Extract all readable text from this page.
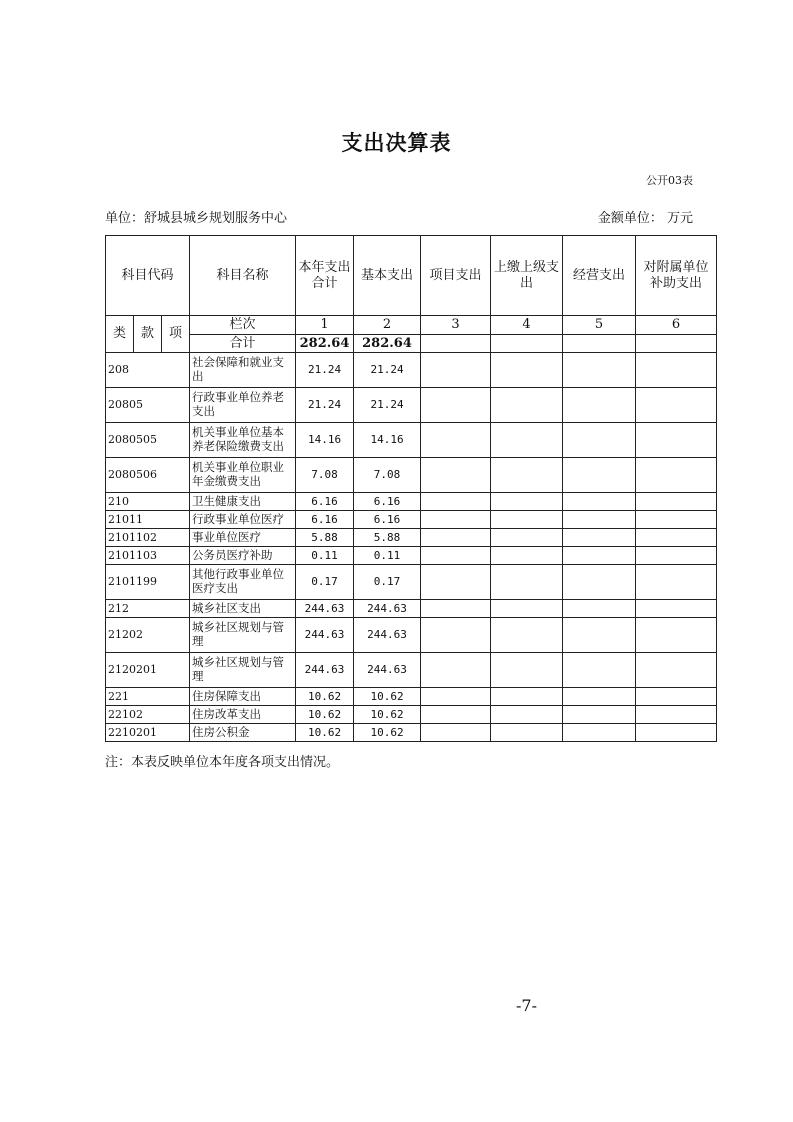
支出决算表
公开03表
单位：舒城县城乡规划服务中心	金额单位： 万元
科目代码			科目名称	本年支出合计	基本支出	项目支出	上缴上级支出	经营支出	对附属单位补助支出
类	款	项	栏次	1	2	3	4	5	6
			合计	282.64	282.64				
208			社会保障和就业支出	21.24	21.24				
20805			行政事业单位养老支出	21.24	21.24				
2080505			机关事业单位基本养老保险缴费支出	14.16	14.16				
2080506			机关事业单位职业年金缴费支出	7.08	7.08				
210			卫生健康支出	6.16	6.16				
21011			行政事业单位医疗	6.16	6.16				
2101102			事业单位医疗	5.88	5.88				
2101103			公务员医疗补助	0.11	0.11				
2101199			其他行政事业单位医疗支出	0.17	0.17				
212			城乡社区支出	244.63	244.63				
21202			城乡社区规划与管理	244.63	244.63				
2120201			城乡社区规划与管理	244.63	244.63				
221			住房保障支出	10.62	10.62				
22102			住房改革支出	10.62	10.62				
2210201			住房公积金	10.62	10.62				
注：本表反映单位本年度各项支出情况。
-7-
